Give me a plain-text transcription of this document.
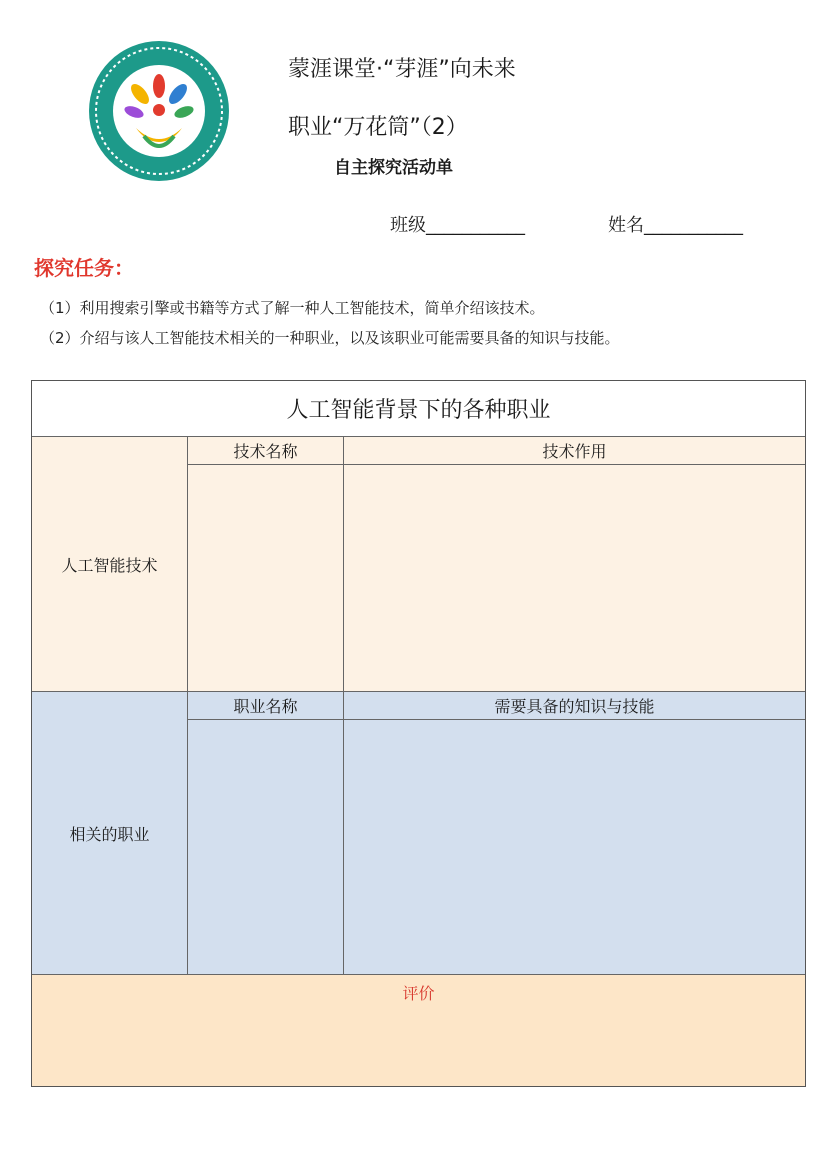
蒙涯课堂·“芽涯”向未来
职业“万花筒”（2）
自主探究活动单
班级___________	姓名___________
探究任务：
（1）利用搜索引擎或书籍等方式了解一种人工智能技术，简单介绍该技术。
（2）介绍与该人工智能技术相关的一种职业，以及该职业可能需要具备的知识与技能。
人工智能背景下的各种职业
人工智能技术
技术名称	技术作用
相关的职业
职业名称	需要具备的知识与技能
评价
